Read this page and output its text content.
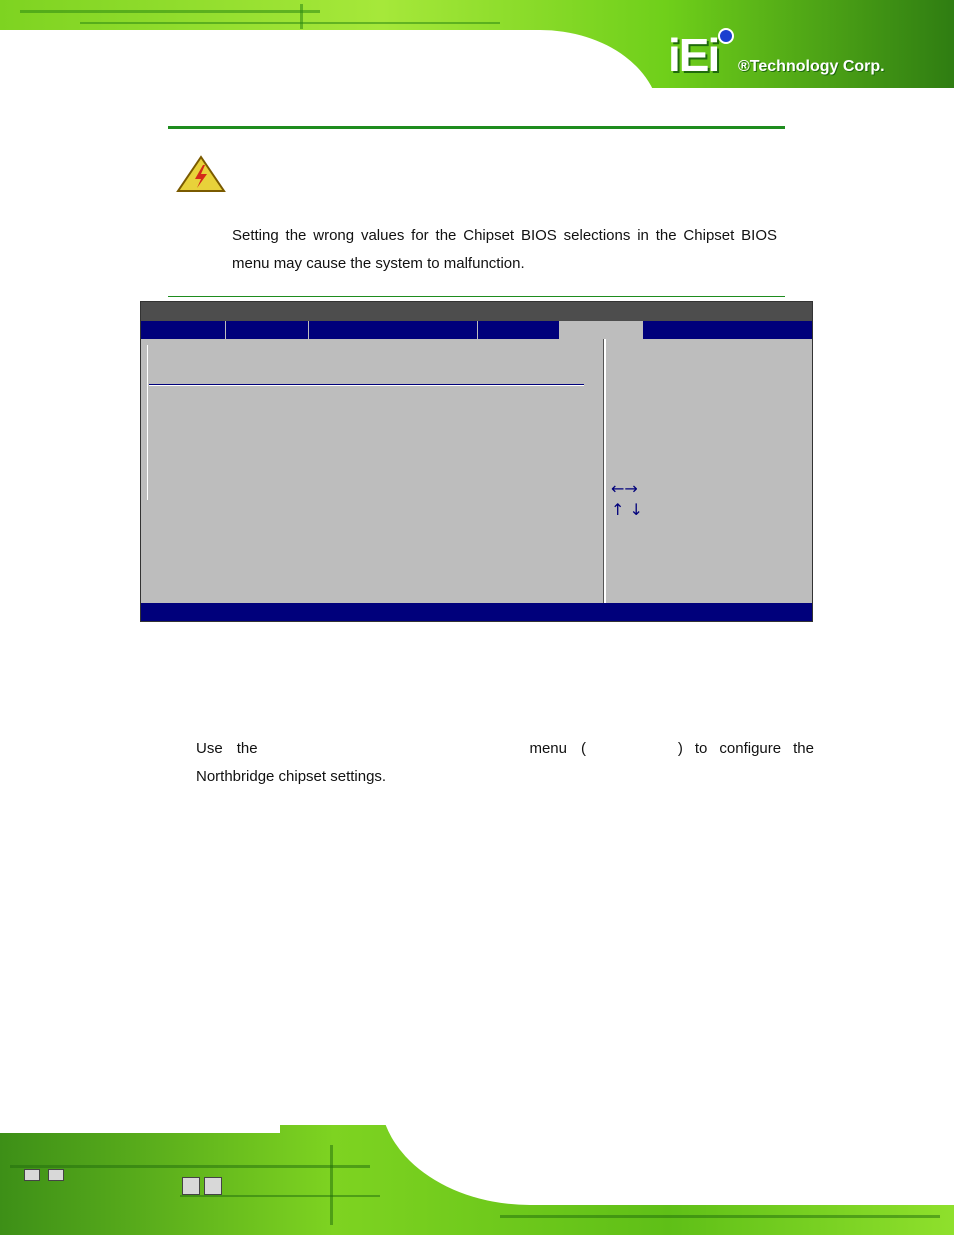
iEi ®Technology Corp.
Setting the wrong values for the Chipset BIOS selections in the Chipset BIOS menu may cause the system to malfunction.
←→
↑ ↓
Use the	menu (	) to configure the
Northbridge chipset settings.
